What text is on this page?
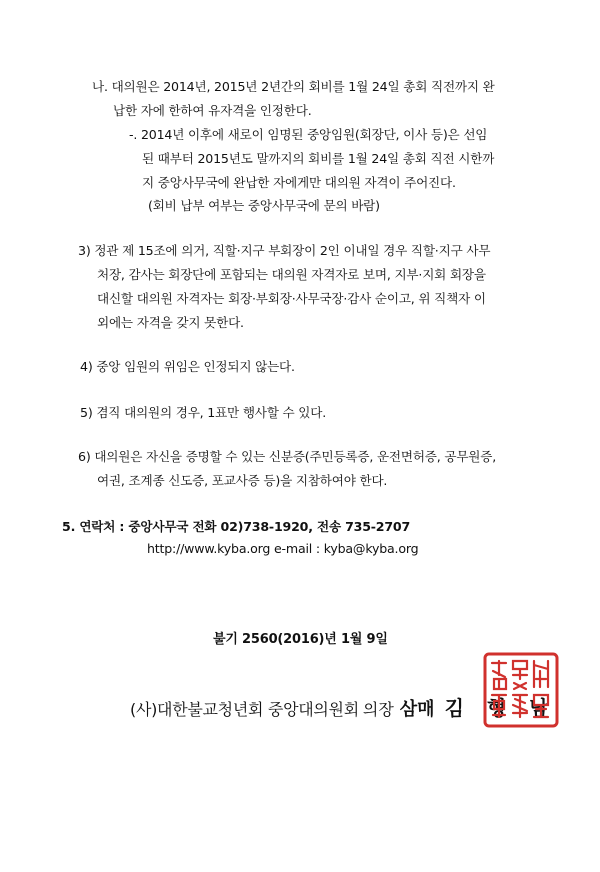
나. 대의원은 2014년, 2015년 2년간의 회비를 1월 24일 총회 직전까지 완
납한 자에 한하여 유자격을 인정한다.
-. 2014년 이후에 새로이 임명된 중앙임원(회장단, 이사 등)은 선임
된 때부터 2015년도 말까지의 회비를 1월 24일 총회 직전 시한까
지 중앙사무국에 완납한 자에게만 대의원 자격이 주어진다.
(회비 납부 여부는 중앙사무국에 문의 바람)
3) 정관 제 15조에 의거, 직할·지구 부회장이 2인 이내일 경우 직할·지구 사무
처장, 감사는 회장단에 포함되는 대의원 자격자로 보며, 지부·지회 회장을
대신할 대의원 자격자는 회장·부회장·사무국장·감사 순이고, 위 직책자 이
외에는 자격을 갖지 못한다.
4) 중앙 임원의 위임은 인정되지 않는다.
5) 겸직 대의원의 경우, 1표만 행사할 수 있다.
6) 대의원은 자신을 증명할 수 있는 신분증(주민등록증, 운전면허증, 공무원증,
여권, 조계종 신도증, 포교사증 등)을 지참하여야 한다.
5. 연락처 : 중앙사무국 전화 02)738-1920, 전송 735-2707
http://www.kyba.org e-mail : kyba@kyba.org
불기 2560(2016)년 1월 9일
(사)대한불교청년회 중앙대의원회 의장 삼매 김 형 남
